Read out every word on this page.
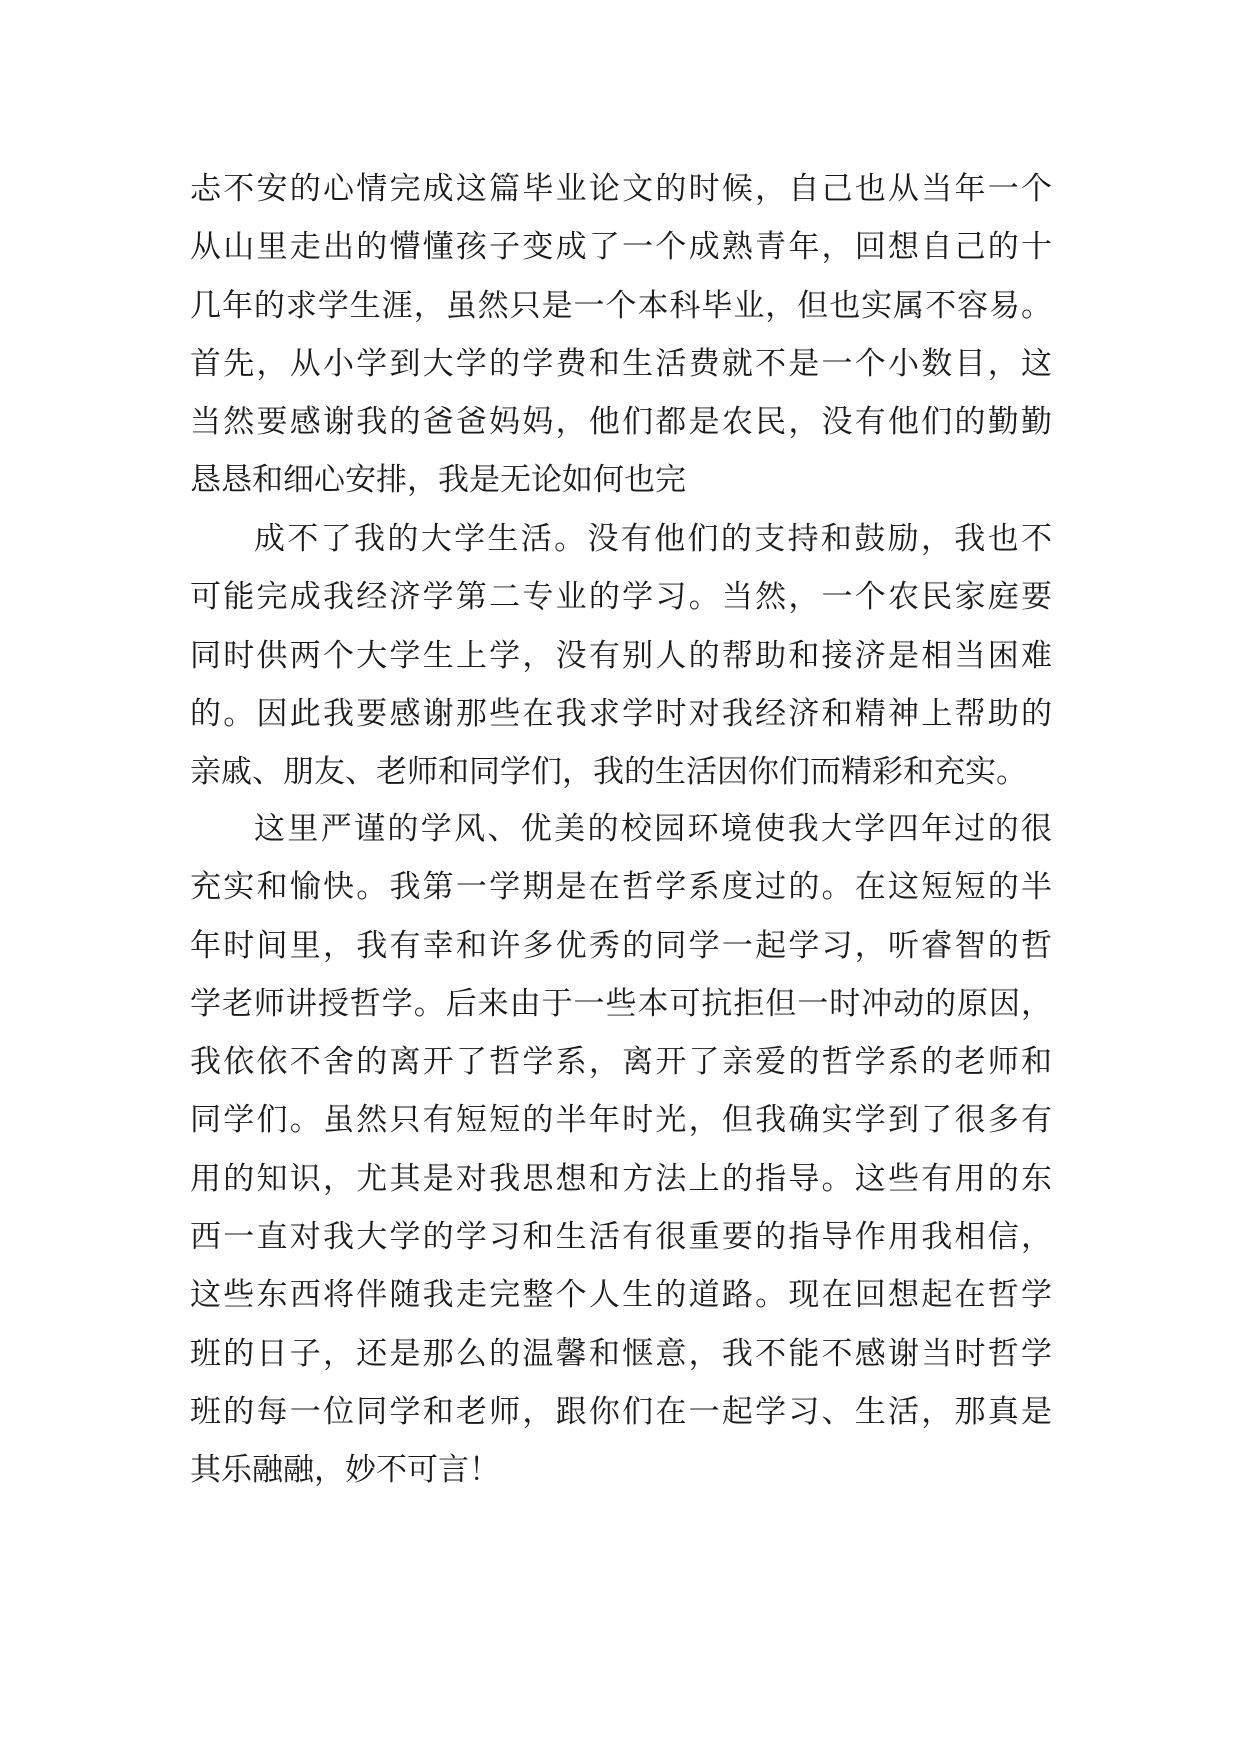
忐不安的心情完成这篇毕业论文的时候，自己也从当年一个
从山里走出的懵懂孩子变成了一个成熟青年，回想自己的十
几年的求学生涯，虽然只是一个本科毕业，但也实属不容易。
首先，从小学到大学的学费和生活费就不是一个小数目，这
当然要感谢我的爸爸妈妈，他们都是农民，没有他们的勤勤
恳恳和细心安排，我是无论如何也完
成不了我的大学生活。没有他们的支持和鼓励，我也不
可能完成我经济学第二专业的学习。当然，一个农民家庭要
同时供两个大学生上学，没有别人的帮助和接济是相当困难
的。因此我要感谢那些在我求学时对我经济和精神上帮助的
亲戚、朋友、老师和同学们，我的生活因你们而精彩和充实。
这里严谨的学风、优美的校园环境使我大学四年过的很
充实和愉快。我第一学期是在哲学系度过的。在这短短的半
年时间里，我有幸和许多优秀的同学一起学习，听睿智的哲
学老师讲授哲学。后来由于一些本可抗拒但一时冲动的原因，
我依依不舍的离开了哲学系，离开了亲爱的哲学系的老师和
同学们。虽然只有短短的半年时光，但我确实学到了很多有
用的知识，尤其是对我思想和方法上的指导。这些有用的东
西一直对我大学的学习和生活有很重要的指导作用我相信，
这些东西将伴随我走完整个人生的道路。现在回想起在哲学
班的日子，还是那么的温馨和惬意，我不能不感谢当时哲学
班的每一位同学和老师，跟你们在一起学习、生活，那真是
其乐融融，妙不可言！
